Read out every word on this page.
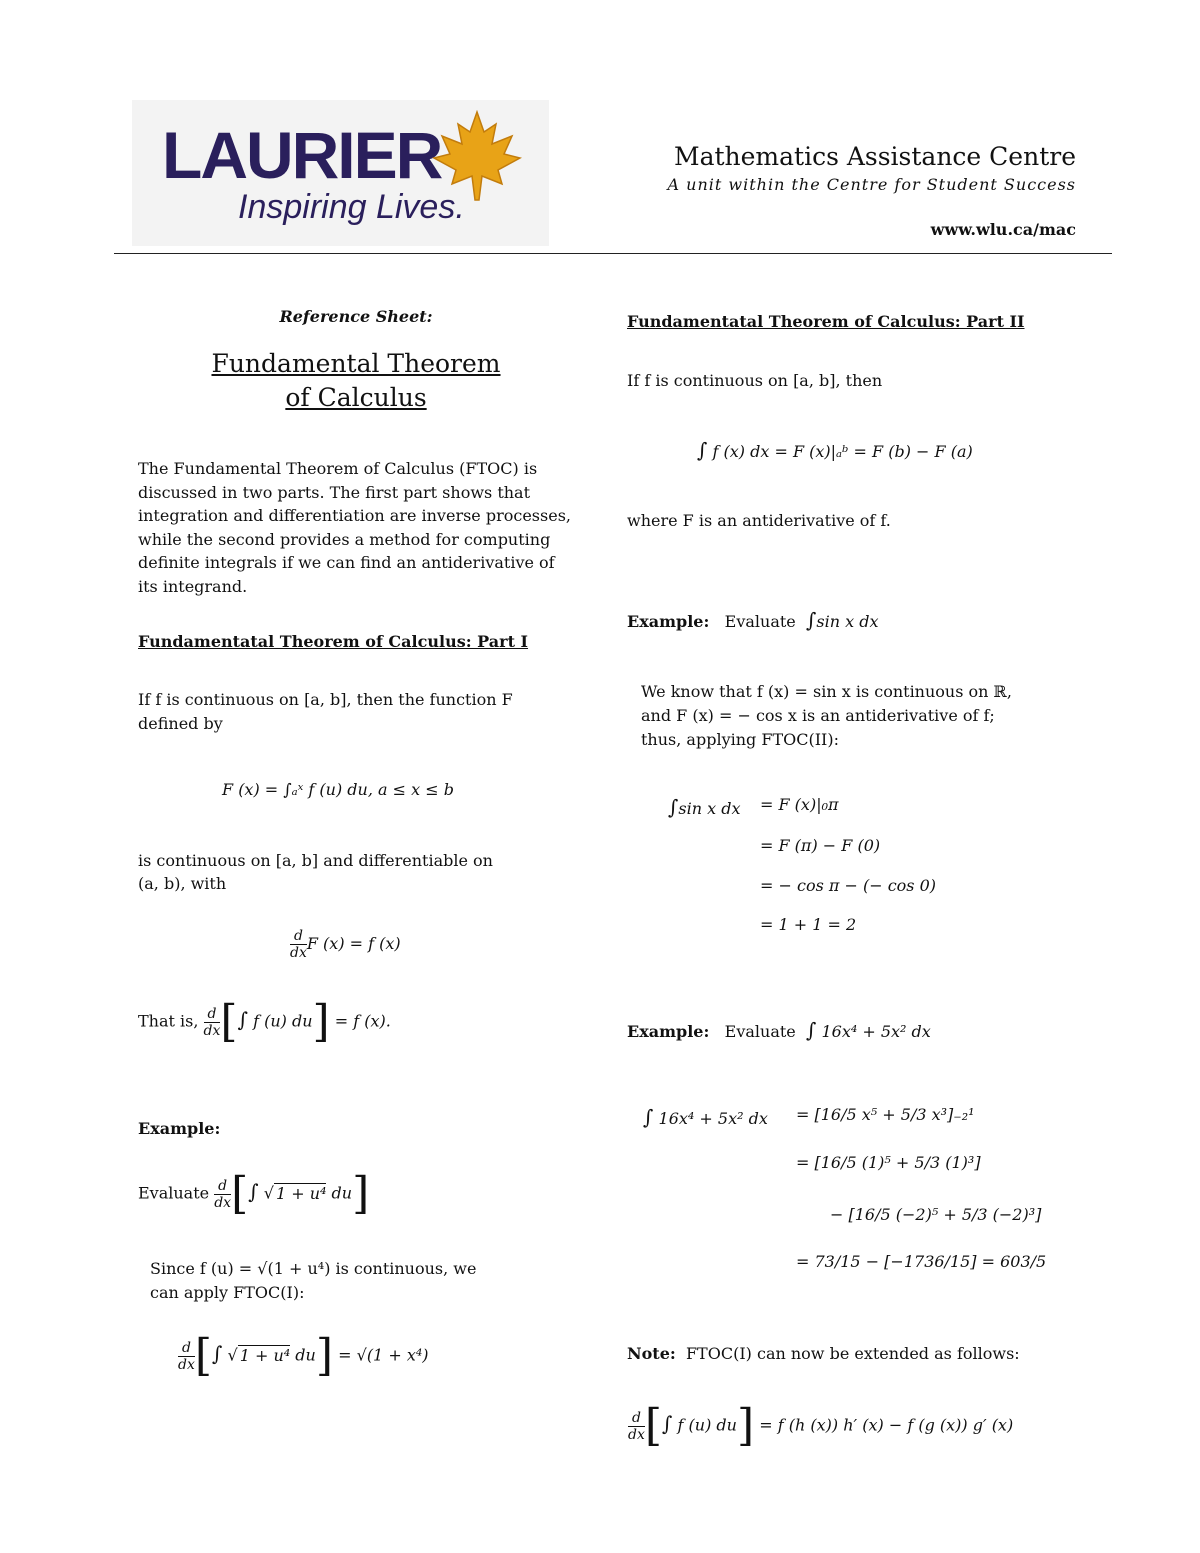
LAURIER
Inspiring Lives.
Mathematics Assistance Centre
A unit within the Centre for Student Success
www.wlu.ca/mac
Reference Sheet:
Fundamental Theorem
of Calculus

The Fundamental Theorem of Calculus (FTOC) is discussed in two parts. The first part shows that integration and differentiation are inverse processes, while the second provides a method for computing definite integrals if we can find an antiderivative of its integrand.

Fundamentatal Theorem of Calculus: Part I
If f is continuous on [a, b], then the function F
defined by
F (x) = ∫ₐˣ f (u) du, a ≤ x ≤ b
is continuous on [a, b] and differentiable on
(a, b), with
$\frac{d}{dx}$ F (x) = f (x)
That is, $\frac{d}{dx}$ [∫ f (u) du] = f (x).
Example:
Evaluate $\frac{d}{dx}$ [∫ √ 1 + u⁴ du]
Since f (u) = √(1 + u⁴) is continuous, we
can apply FTOC(I):
$\frac{d}{dx}$ [∫ √ 1 + u⁴ du] = √(1 + x⁴)
Fundamentatal Theorem of Calculus: Part II
If f is continuous on [a, b], then
∫ f (x) dx = F (x)|ₐᵇ = F (b) − F (a)
where F is an antiderivative of f.
Example: Evaluate ∫sin x dx
We know that f (x) = sin x is continuous on ℝ,
and F (x) = − cos x is an antiderivative of f;
thus, applying FTOC(II):
∫sin x dx = F (x)|₀π
= F (π) − F (0)
= − cos π − (− cos 0)
= 1 + 1 = 2
Example: Evaluate ∫ 16x⁴ + 5x² dx
∫ 16x⁴ + 5x² dx = [16/5 x⁵ + 5/3 x³]₋₂¹
= [16/5 (1)⁵ + 5/3 (1)³]
− [16/5 (−2)⁵ + 5/3 (−2)³]
= 73/15 − [−1736/15] = 603/5
Note: FTOC(I) can now be extended as follows:
$\frac{d}{dx}$ [∫ f (u) du] = f (h (x)) h′ (x) − f (g (x)) g′ (x)
